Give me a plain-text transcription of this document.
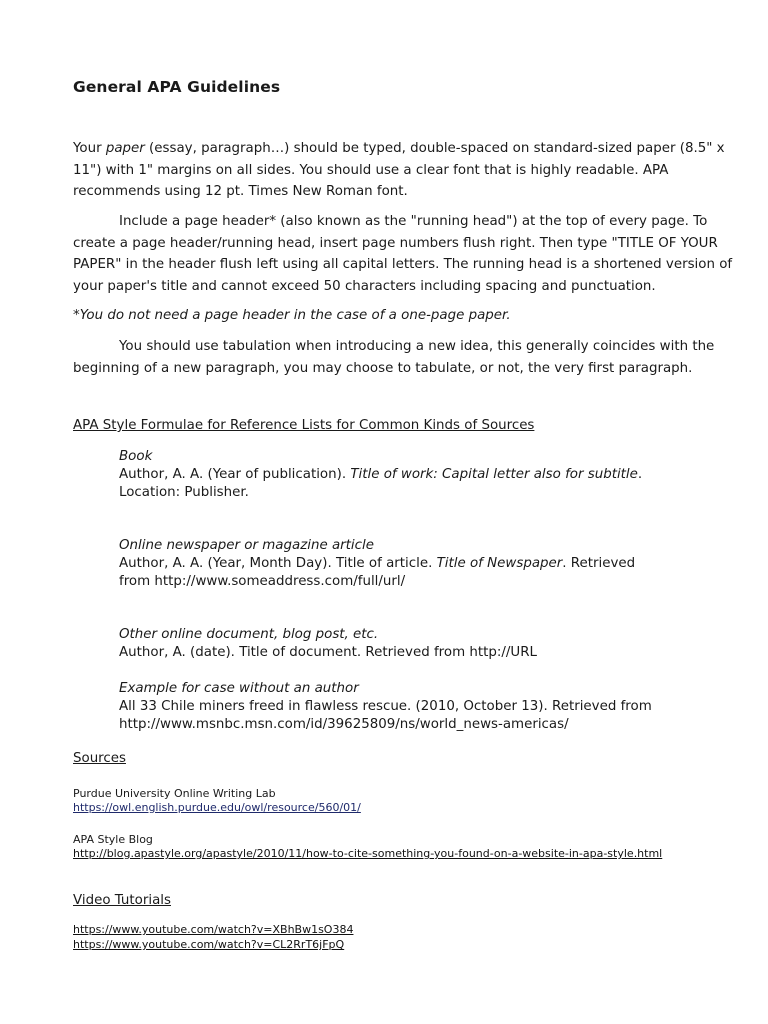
General APA Guidelines
Your paper (essay, paragraph…) should be typed, double-spaced on standard-sized paper (8.5" x
11") with 1" margins on all sides. You should use a clear font that is highly readable. APA
recommends using 12 pt. Times New Roman font.
Include a page header* (also known as the "running head") at the top of every page. To
create a page header/running head, insert page numbers flush right. Then type "TITLE OF YOUR
PAPER" in the header flush left using all capital letters. The running head is a shortened version of
your paper's title and cannot exceed 50 characters including spacing and punctuation.
*You do not need a page header in the case of a one-page paper.
You should use tabulation when introducing a new idea, this generally coincides with the
beginning of a new paragraph, you may choose to tabulate, or not, the very first paragraph.
APA Style Formulae for Reference Lists for Common Kinds of Sources
Book
Author, A. A. (Year of publication). Title of work: Capital letter also for subtitle.
Location: Publisher.
Online newspaper or magazine article
Author, A. A. (Year, Month Day). Title of article. Title of Newspaper. Retrieved
from http://www.someaddress.com/full/url/
Other online document, blog post, etc.
Author, A. (date). Title of document. Retrieved from http://URL
Example for case without an author
All 33 Chile miners freed in flawless rescue. (2010, October 13). Retrieved from
http://www.msnbc.msn.com/id/39625809/ns/world_news-americas/
Sources
Purdue University Online Writing Lab
https://owl.english.purdue.edu/owl/resource/560/01/
APA Style Blog
http://blog.apastyle.org/apastyle/2010/11/how-to-cite-something-you-found-on-a-website-in-apa-style.html
Video Tutorials
https://www.youtube.com/watch?v=XBhBw1sO384
https://www.youtube.com/watch?v=CL2RrT6jFpQ
